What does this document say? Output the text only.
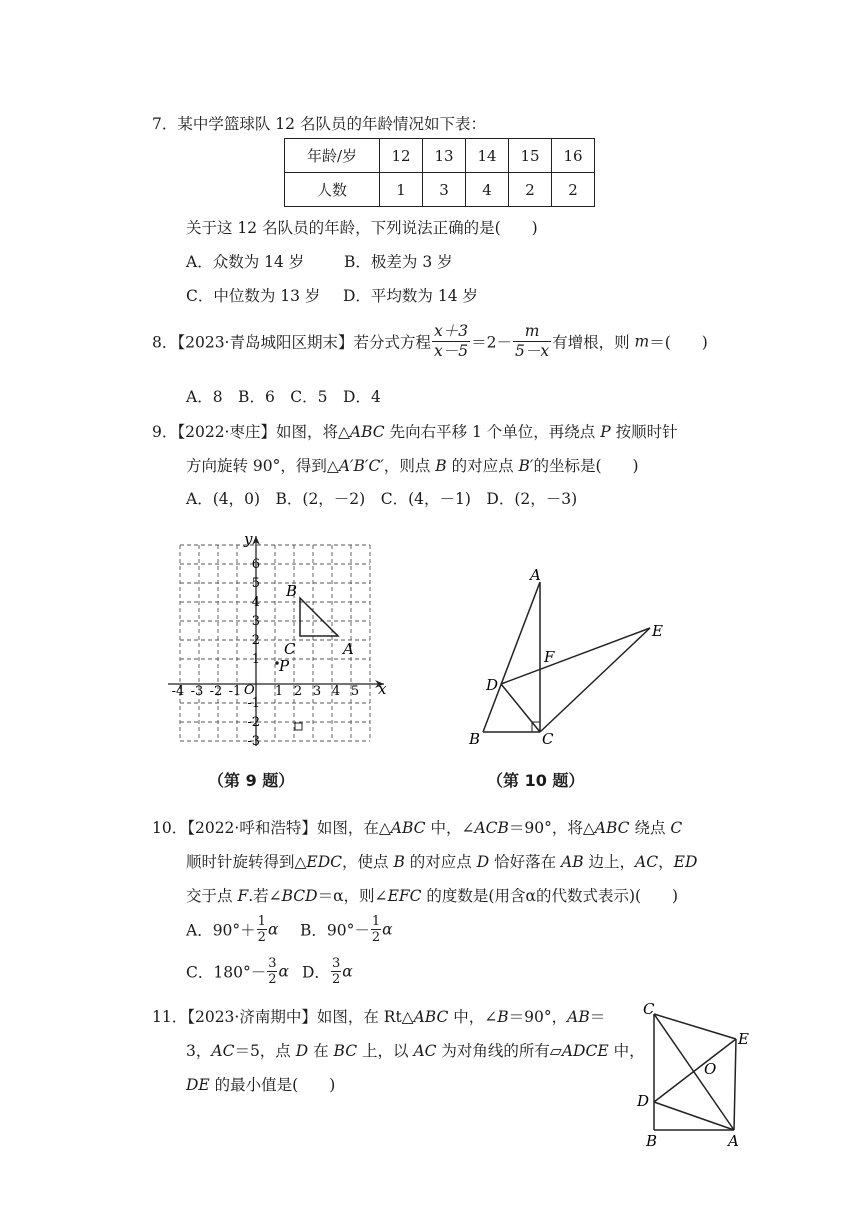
7．某中学篮球队 12 名队员的年龄情况如下表：
年龄/岁	12	13	14	15	16
人数	1	3	4	2	2
关于这 12 名队员的年龄，下列说法正确的是(　　)
A．众数为 14 岁	B．极差为 3 岁
C．中位数为 13 岁 D．平均数为 14 岁
8．【2023·青岛城阳区期末】若分式方程 $\frac{x+3}{x-5} =2- \frac{m}{5-x}$ 有增根，则 m＝(　　)
A．8　B．6　C．5　D．4
9．【2022·枣庄】如图，将△ABC 先向右平移 1 个单位，再绕点 P 按顺时针
方向旋转 90°，得到△A′B′C′，则点 B 的对应点 B′的坐标是(　　)
A．(4，0)　B．(2，－2)　C．(4，－1)　D．(2，－3)
x
y
-4 -3 -2 -1	1 2 3 4 5
6
5
4
3
2
1
-1
-2
-3
O
B
A
C
P
（第 9 题）
A
E
F
D
B	C
（第 10 题）
10．【2022·呼和浩特】如图，在△ABC 中，∠ACB＝90°，将△ABC 绕点 C
顺时针旋转得到△EDC，使点 B 的对应点 D 恰好落在 AB 边上，AC，ED
交于点 F.若∠BCD＝α，则∠EFC 的度数是(用含α的代数式表示)(　　)
A．$90^\circ+ \frac{1}{2}$ α B．$90^\circ- \frac{1}{2}$ α
C．$180^\circ- \frac{3}{2}$ α D． $\frac{3}{2}$ α
11．【2023·济南期中】如图，在 Rt△ABC 中，∠B＝90°，AB＝
3，AC＝5，点 D 在 BC 上，以 AC 为对角线的所有▱ADCE 中，
DE 的最小值是(　　)
C
E
O
D
B	A
